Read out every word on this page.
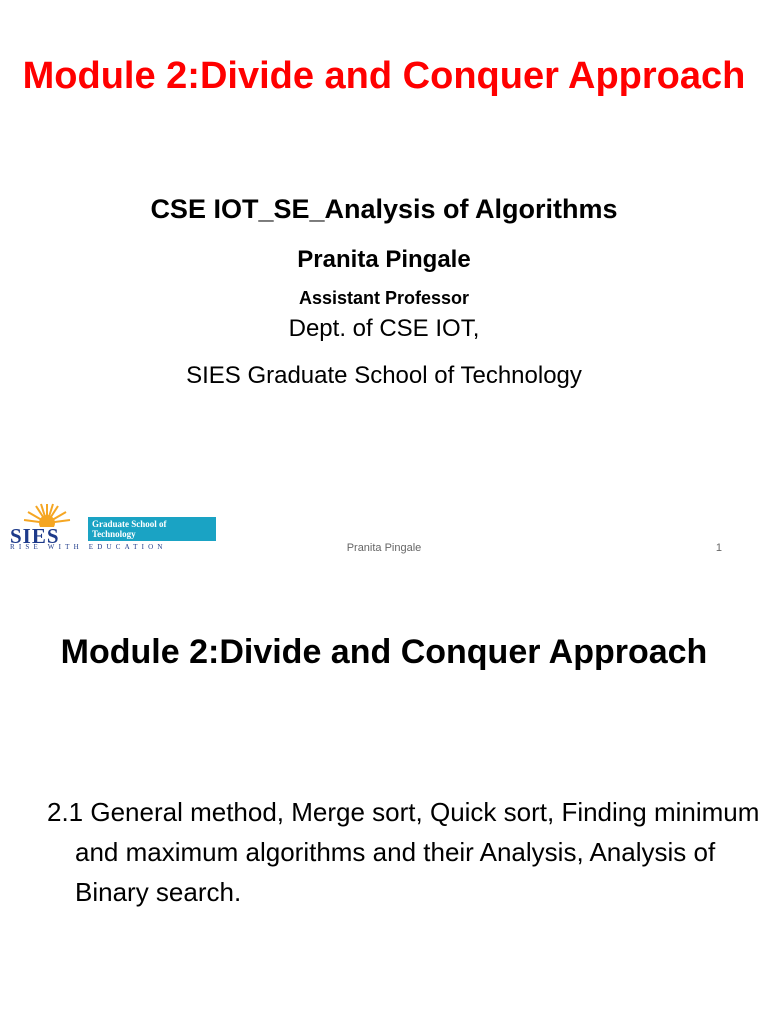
Module 2:Divide and Conquer Approach
CSE IOT_SE_Analysis of Algorithms
Pranita Pingale
Assistant Professor
Dept. of CSE IOT,
SIES Graduate School of Technology
SIES	Graduate School of Technology
RISE WITH EDUCATION	Pranita Pingale	1
Module 2:Divide and Conquer Approach
2.1 General method, Merge sort, Quick sort, Finding minimum and maximum algorithms and their Analysis, Analysis of Binary search.
